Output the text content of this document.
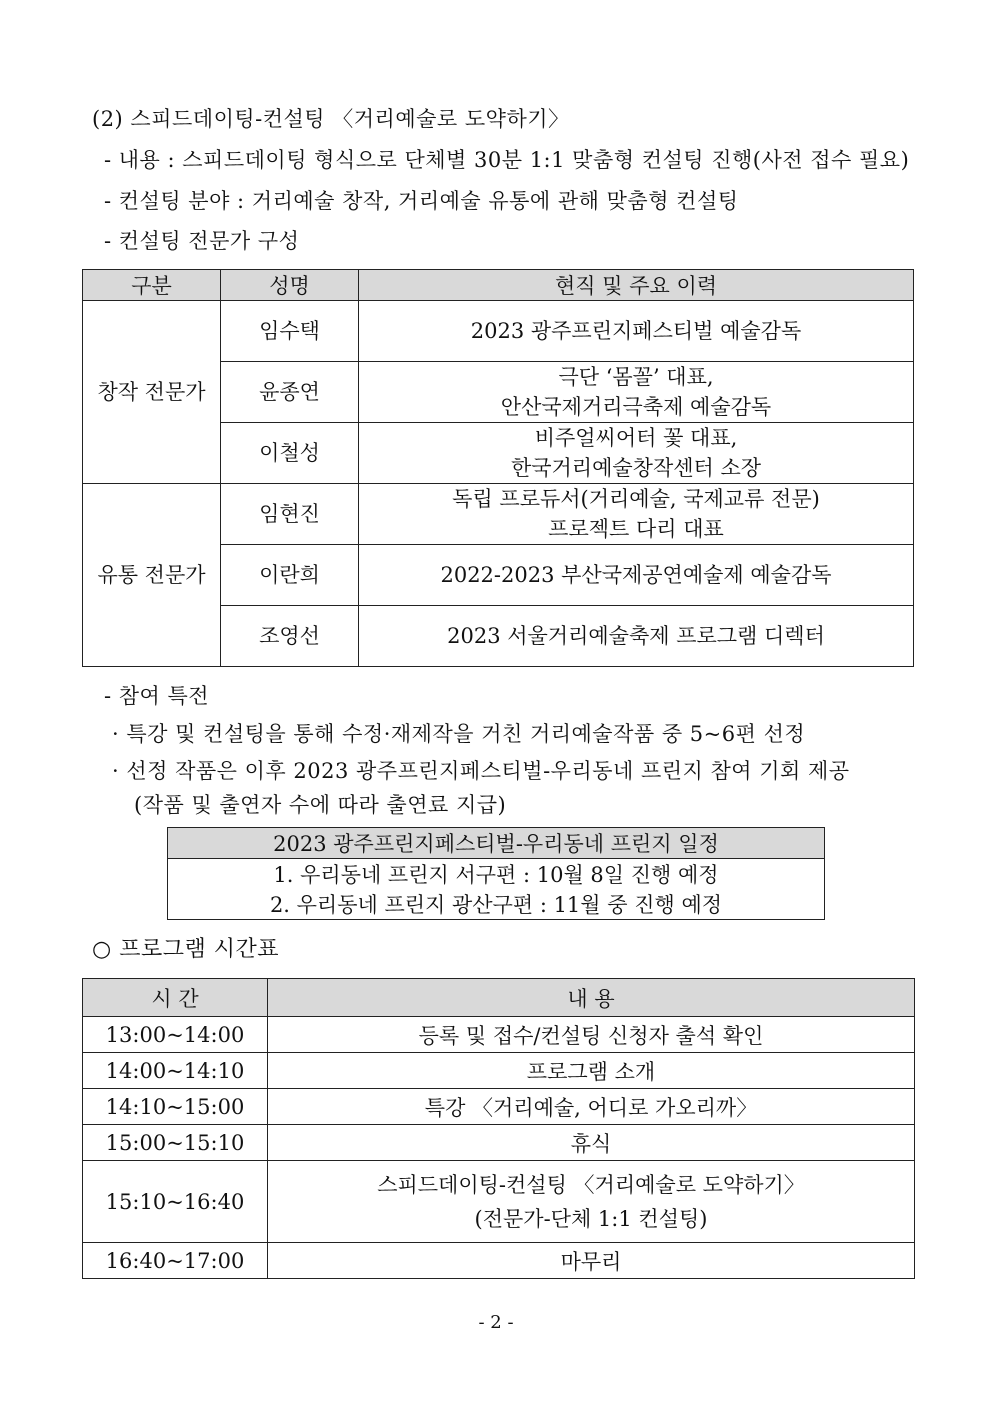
(2) 스피드데이팅-컨설팅 〈거리예술로 도약하기〉
- 내용 : 스피드데이팅 형식으로 단체별 30분 1:1 맞춤형 컨설팅 진행(사전 접수 필요)
- 컨설팅 분야 : 거리예술 창작, 거리예술 유통에 관해 맞춤형 컨설팅
- 컨설팅 전문가 구성
구분	성명	현직 및 주요 이력
창작 전문가	임수택	2023 광주프린지페스티벌 예술감독

	윤종연	극단 ‘몸꼴’ 대표,
안산국제거리극축제 예술감독

	이철성	비주얼씨어터 꽃 대표,
한국거리예술창작센터 소장

유통 전문가	임현진	독립 프로듀서(거리예술, 국제교류 전문)
프로젝트 다리 대표

	이란희	2022-2023 부산국제공연예술제 예술감독

	조영선	2023 서울거리예술축제 프로그램 디렉터
- 참여 특전
· 특강 및 컨설팅을 통해 수정·재제작을 거친 거리예술작품 중 5~6편 선정
· 선정 작품은 이후 2023 광주프린지페스티벌-우리동네 프린지 참여 기회 제공
(작품 및 출연자 수에 따라 출연료 지급)
2023 광주프린지페스티벌-우리동네 프린지 일정
1. 우리동네 프린지 서구편 : 10월 8일 진행 예정
2. 우리동네 프린지 광산구편 : 11월 중 진행 예정
○ 프로그램 시간표
시 간	내 용
13:00~14:00	등록 및 접수/컨설팅 신청자 출석 확인
14:00~14:10	프로그램 소개
14:10~15:00	특강 〈거리예술, 어디로 가오리까〉
15:00~15:10	휴식
15:10~16:40	스피드데이팅-컨설팅 〈거리예술로 도약하기〉
(전문가-단체 1:1 컨설팅)

16:40~17:00	마무리
- 2 -
